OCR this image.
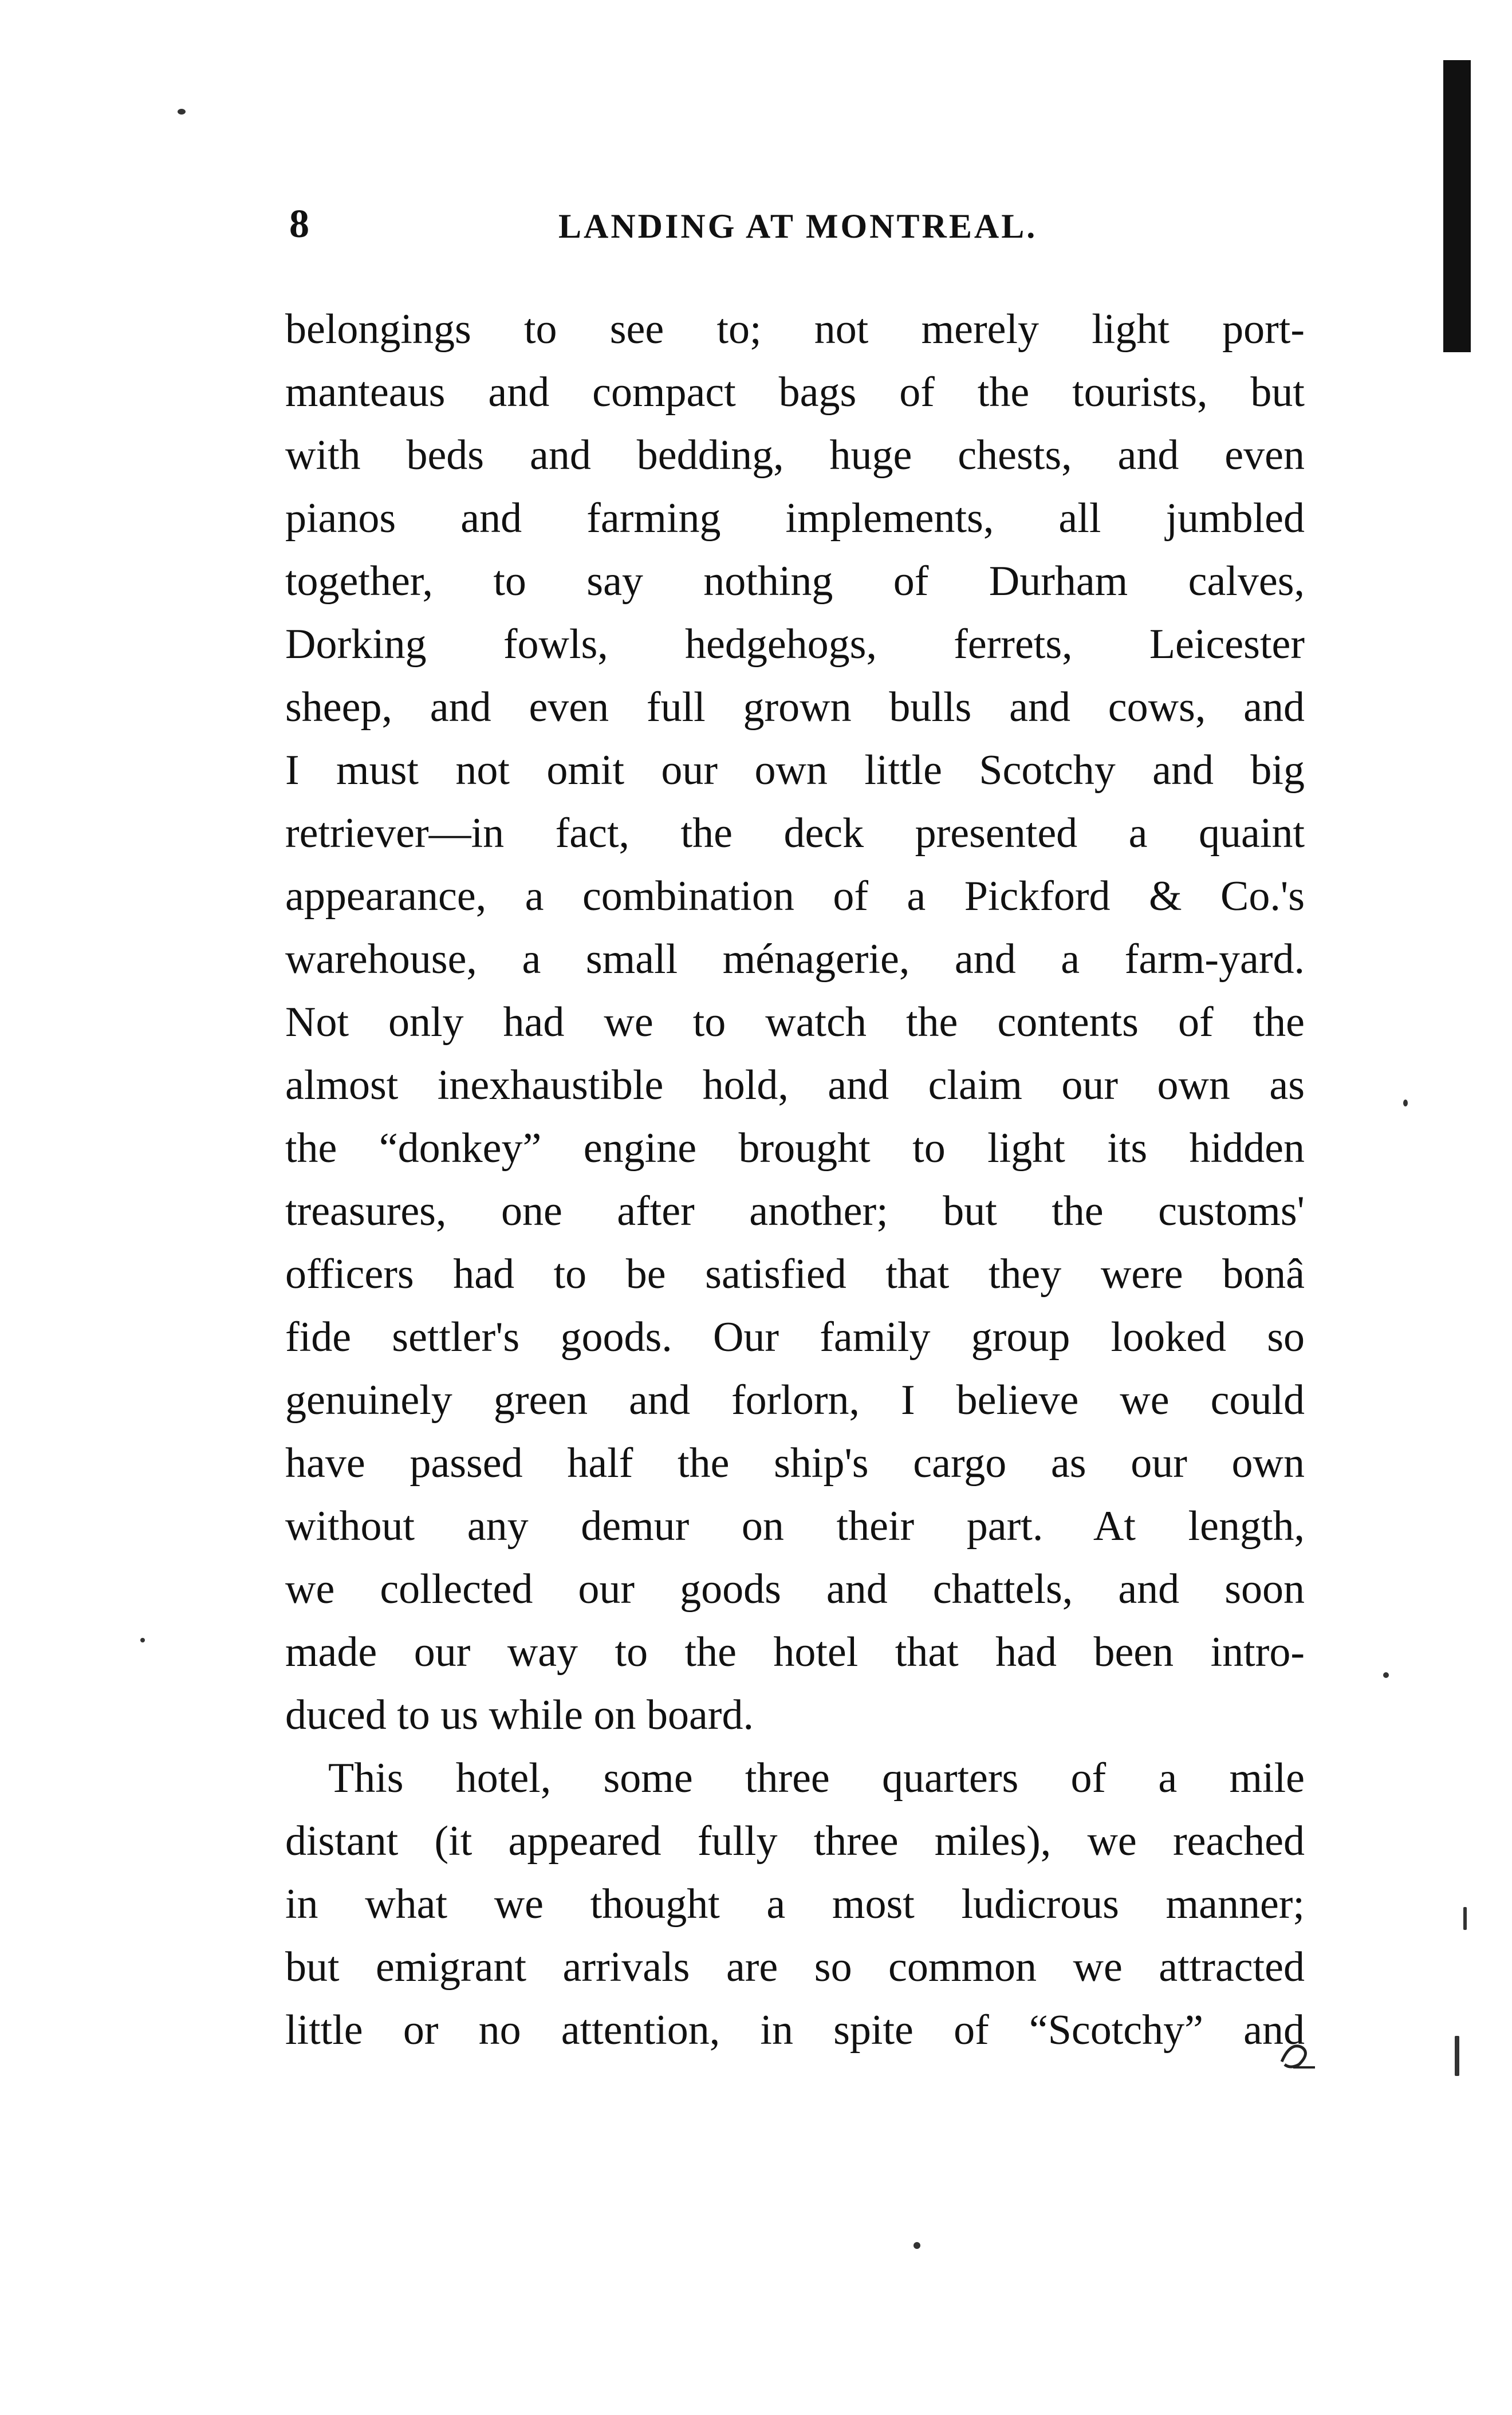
8	LANDING AT MONTREAL.
belongings to see to; not merely light port-
manteaus and compact bags of the tourists, but
with beds and bedding, huge chests, and even
pianos and farming implements, all jumbled
together, to say nothing of Durham calves,
Dorking fowls, hedgehogs, ferrets, Leicester
sheep, and even full grown bulls and cows, and
I must not omit our own little Scotchy and big
retriever—in fact, the deck presented a quaint
appearance, a combination of a Pickford & Co.'s
warehouse, a small ménagerie, and a farm-yard.
Not only had we to watch the contents of the
almost inexhaustible hold, and claim our own as
the “donkey” engine brought to light its hidden
treasures, one after another; but the customs'
officers had to be satisfied that they were bonâ
fide settler's goods. Our family group looked so
genuinely green and forlorn, I believe we could
have passed half the ship's cargo as our own
without any demur on their part. At length,
we collected our goods and chattels, and soon
made our way to the hotel that had been intro-
duced to us while on board.
This hotel, some three quarters of a mile
distant (it appeared fully three miles), we reached
in what we thought a most ludicrous manner;
but emigrant arrivals are so common we attracted
little or no attention, in spite of “Scotchy” and
